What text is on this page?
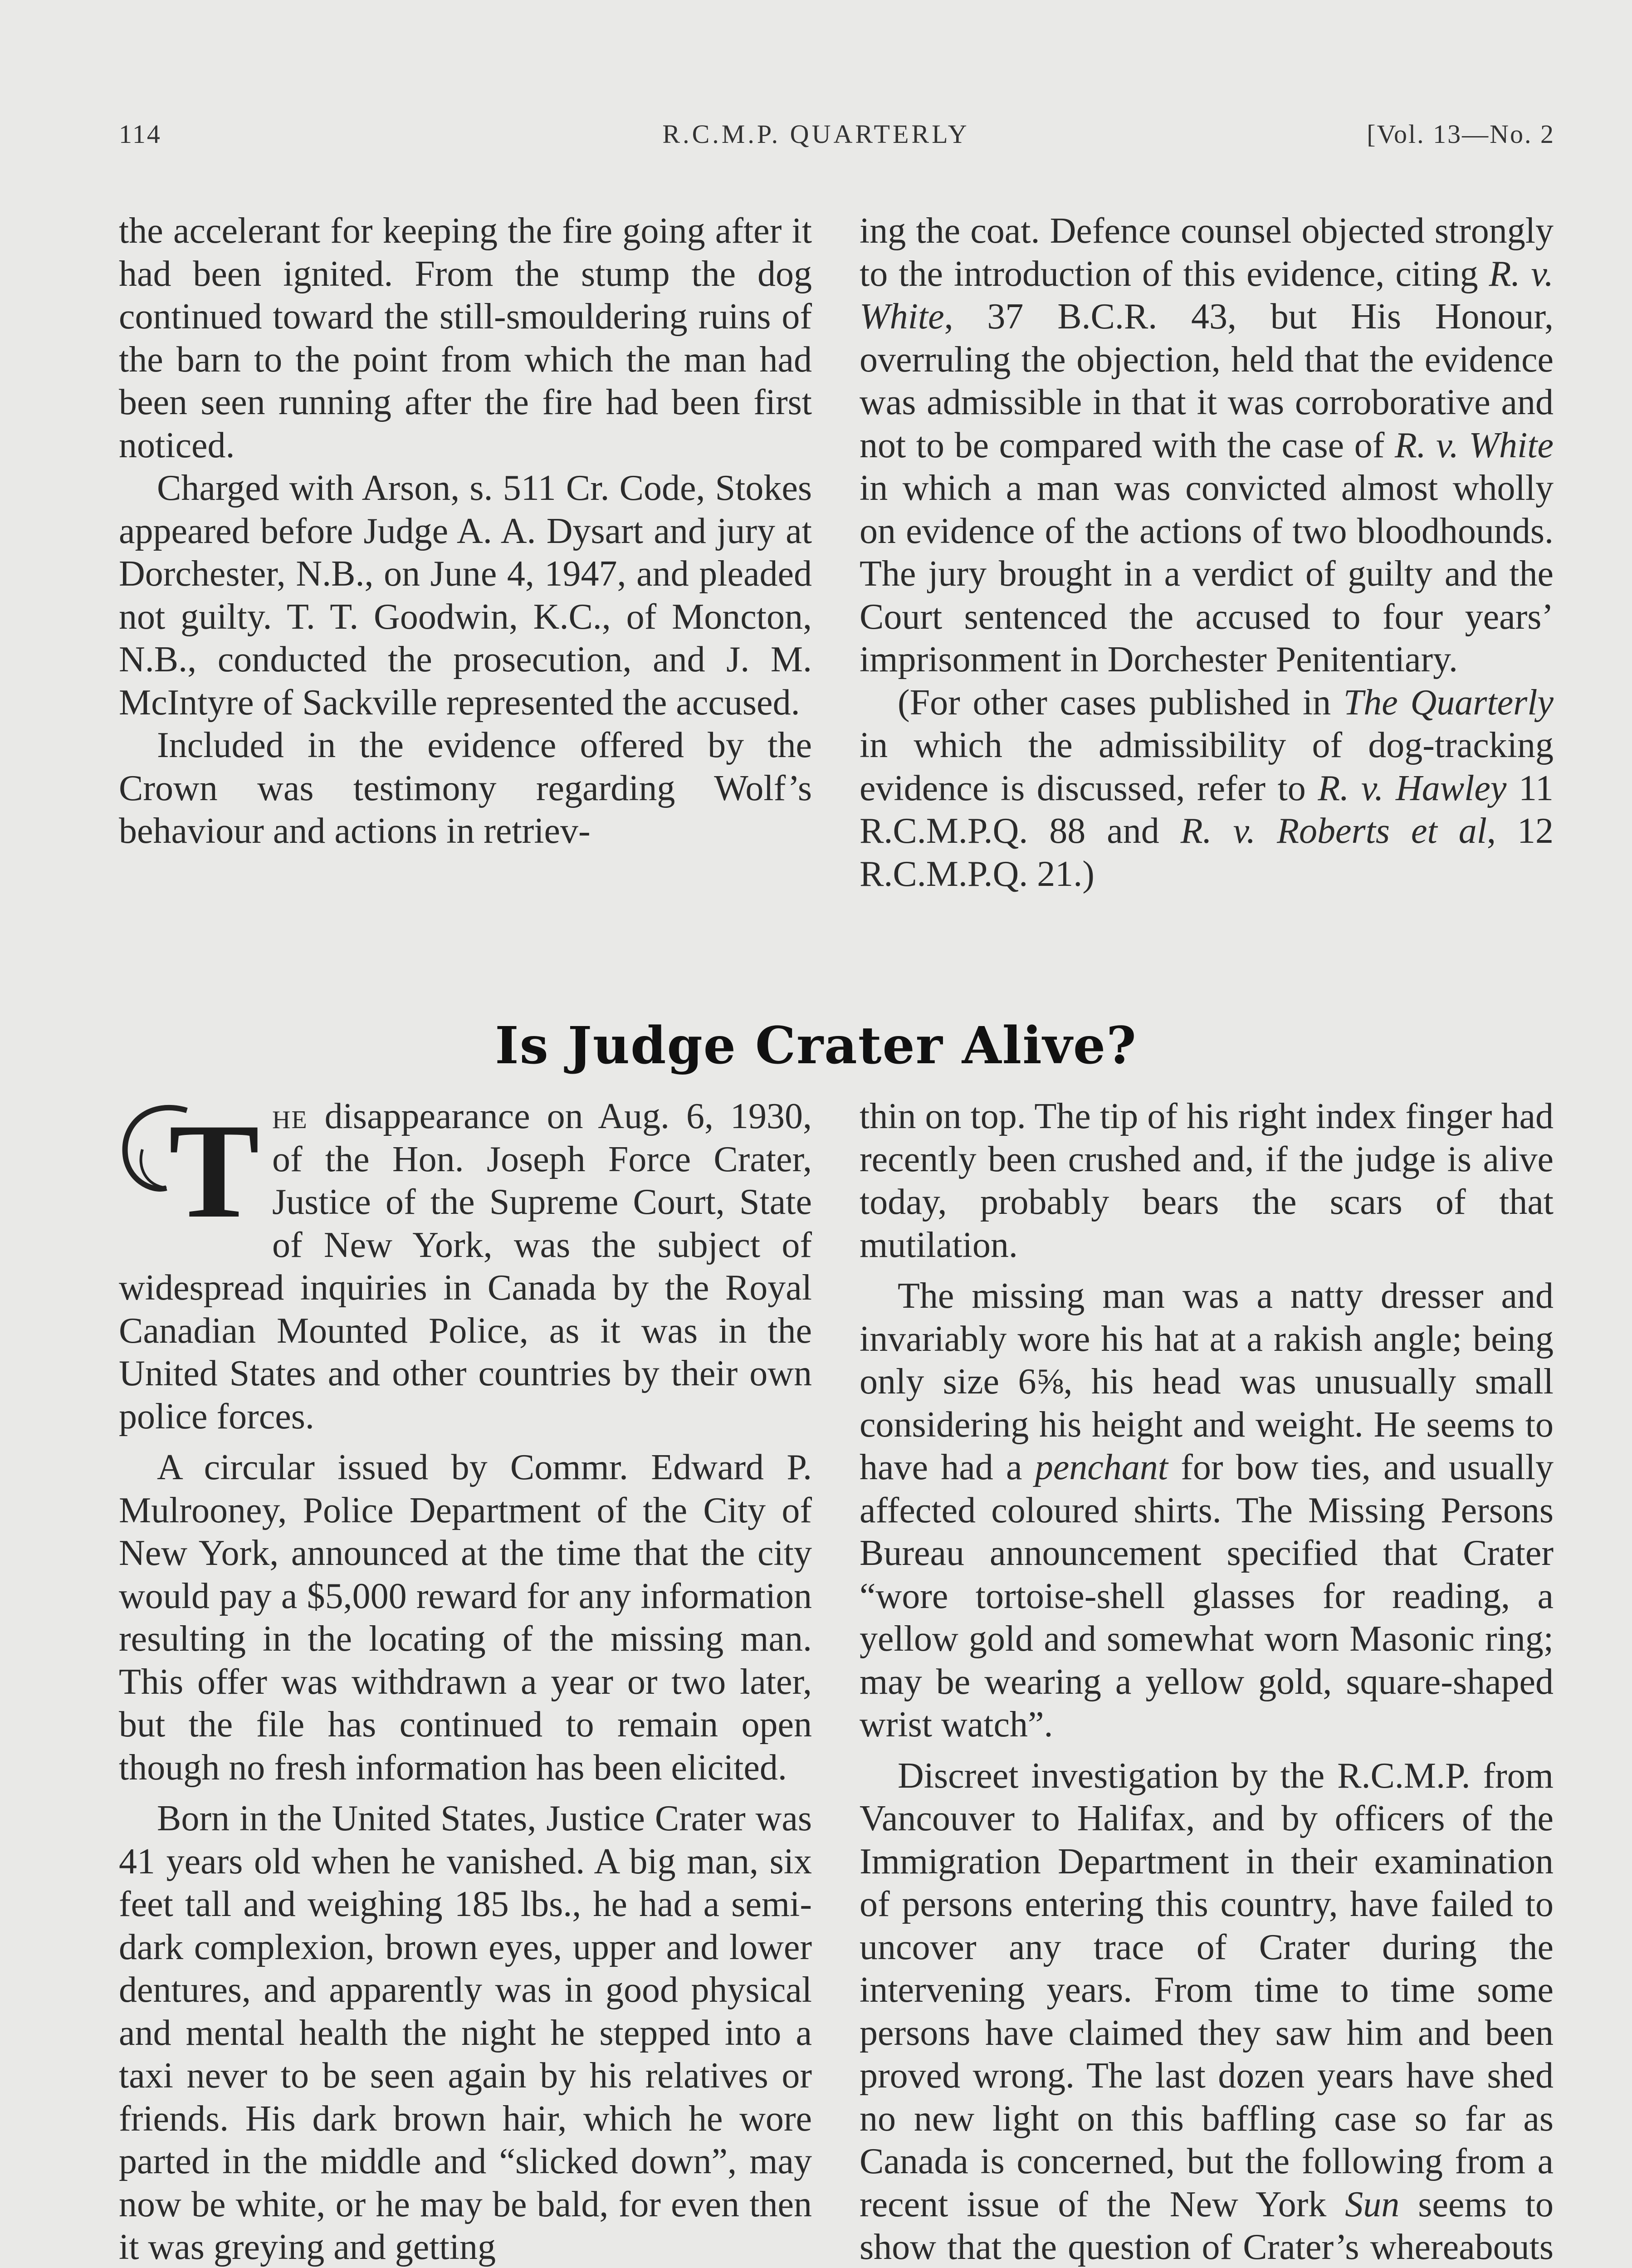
114	R.C.M.P. QUARTERLY	[Vol. 13—No. 2

the accelerant for keeping the fire going after it had been ignited. From the stump the dog continued toward the still-smouldering ruins of the barn to the point from which the man had been seen running after the fire had been first noticed.

Charged with Arson, s. 511 Cr. Code, Stokes appeared before Judge A. A. Dysart and jury at Dorchester, N.B., on June 4, 1947, and pleaded not guilty. T. T. Goodwin, K.C., of Moncton, N.B., conducted the prosecution, and J. M. McIntyre of Sackville represented the accused.

Included in the evidence offered by the Crown was testimony regarding Wolf’s behaviour and actions in retriev-

ing the coat. Defence counsel objected strongly to the introduction of this evidence, citing R. v. White, 37 B.C.R. 43, but His Honour, overruling the objection, held that the evidence was admissible in that it was corroborative and not to be compared with the case of R. v. White in which a man was convicted almost wholly on evidence of the actions of two bloodhounds. The jury brought in a verdict of guilty and the Court sentenced the accused to four years’ imprisonment in Dorchester Penitentiary.

(For other cases published in The Quarterly in which the admissibility of dog-tracking evidence is discussed, refer to R. v. Hawley 11 R.C.M.P.Q. 88 and R. v. Roberts et al, 12 R.C.M.P.Q. 21.)

Is Judge Crater Alive?

T he disappearance on Aug. 6, 1930, of the Hon. Joseph Force Crater, Justice of the Supreme Court, State of New York, was the subject of widespread inquiries in Canada by the Royal Canadian Mounted Police, as it was in the United States and other countries by their own police forces.

A circular issued by Commr. Edward P. Mulrooney, Police Department of the City of New York, announced at the time that the city would pay a $5,000 reward for any information resulting in the locating of the missing man. This offer was withdrawn a year or two later, but the file has continued to remain open though no fresh information has been elicited.

Born in the United States, Justice Crater was 41 years old when he vanished. A big man, six feet tall and weighing 185 lbs., he had a semi-dark complexion, brown eyes, upper and lower dentures, and apparently was in good physical and mental health the night he stepped into a taxi never to be seen again by his relatives or friends. His dark brown hair, which he wore parted in the middle and “slicked down”, may now be white, or he may be bald, for even then it was greying and getting

thin on top. The tip of his right index finger had recently been crushed and, if the judge is alive today, probably bears the scars of that mutilation.

The missing man was a natty dresser and invariably wore his hat at a rakish angle; being only size 6⅝, his head was unusually small considering his height and weight. He seems to have had a penchant for bow ties, and usually affected coloured shirts. The Missing Persons Bureau announcement specified that Crater “wore tortoise-shell glasses for reading, a yellow gold and somewhat worn Masonic ring; may be wearing a yellow gold, square-shaped wrist watch”.

Discreet investigation by the R.C.M.P. from Vancouver to Halifax, and by officers of the Immigration Department in their examination of persons entering this country, have failed to uncover any trace of Crater during the intervening years. From time to time some persons have claimed they saw him and been proved wrong. The last dozen years have shed no new light on this baffling case so far as Canada is concerned, but the following from a recent issue of the New York Sun seems to show that the question of Crater’s whereabouts
